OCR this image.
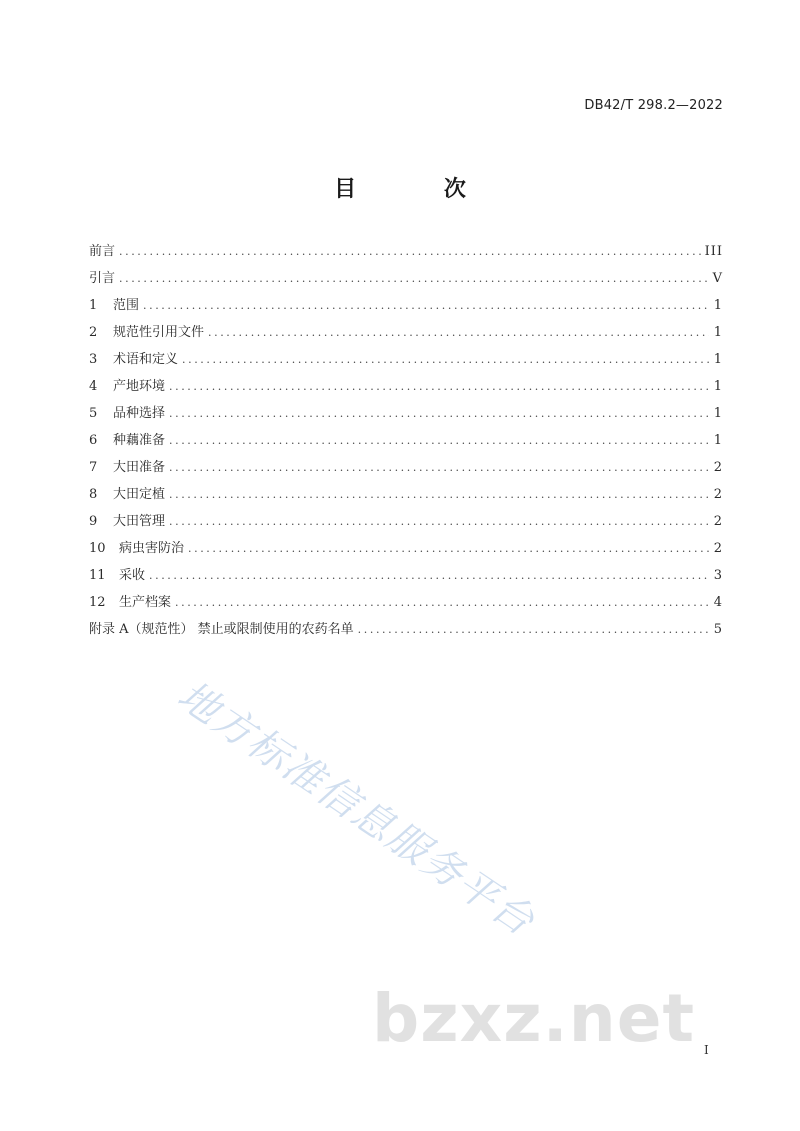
DB42/T 298.2—2022
目 次
前言 .....	III
引言 .....	V
1	范围 .....	1
2	规范性引用文件 .....	1
3	术语和定义 .....	1
4	产地环境 .....	1
5	品种选择 .....	1
6	种藕准备 .....	1
7	大田准备 .....	2
8	大田定植 .....	2
9	大田管理 .....	2
10	病虫害防治 .....	2
11	采收 .....	3
12	生产档案 .....	4
附录 A（规范性） 禁止或限制使用的农药名单 .....	5
地方标准信息服务平台
bzxz.net I
